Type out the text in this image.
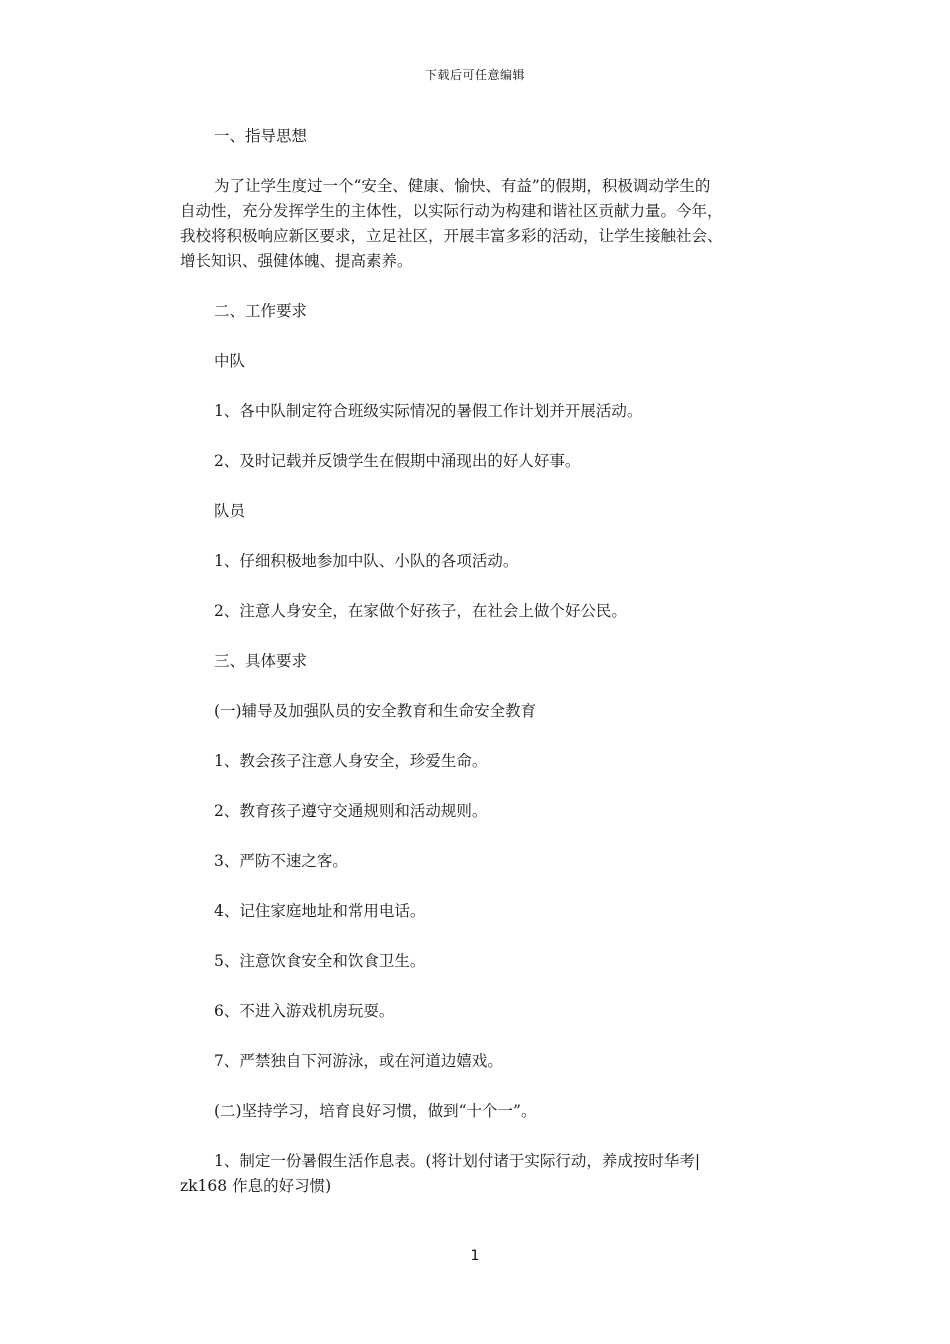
下载后可任意编辑
一、指导思想
为了让学生度过一个“安全、健康、愉快、有益”的假期，积极调动学生的
自动性，充分发挥学生的主体性，以实际行动为构建和谐社区贡献力量。今年，
我校将积极响应新区要求，立足社区，开展丰富多彩的活动，让学生接触社会、
增长知识、强健体魄、提高素养。
二、工作要求
中队
1、各中队制定符合班级实际情况的暑假工作计划并开展活动。
2、及时记载并反馈学生在假期中涌现出的好人好事。
队员
1、仔细积极地参加中队、小队的各项活动。
2、注意人身安全，在家做个好孩子，在社会上做个好公民。
三、具体要求
(一)辅导及加强队员的安全教育和生命安全教育
1、教会孩子注意人身安全，珍爱生命。
2、教育孩子遵守交通规则和活动规则。
3、严防不速之客。
4、记住家庭地址和常用电话。
5、注意饮食安全和饮食卫生。
6、不进入游戏机房玩耍。
7、严禁独自下河游泳，或在河道边嬉戏。
(二)坚持学习，培育良好习惯，做到“十个一”。
1、制定一份暑假生活作息表。(将计划付诸于实际行动，养成按时华考|
zk168 作息的好习惯)
1
